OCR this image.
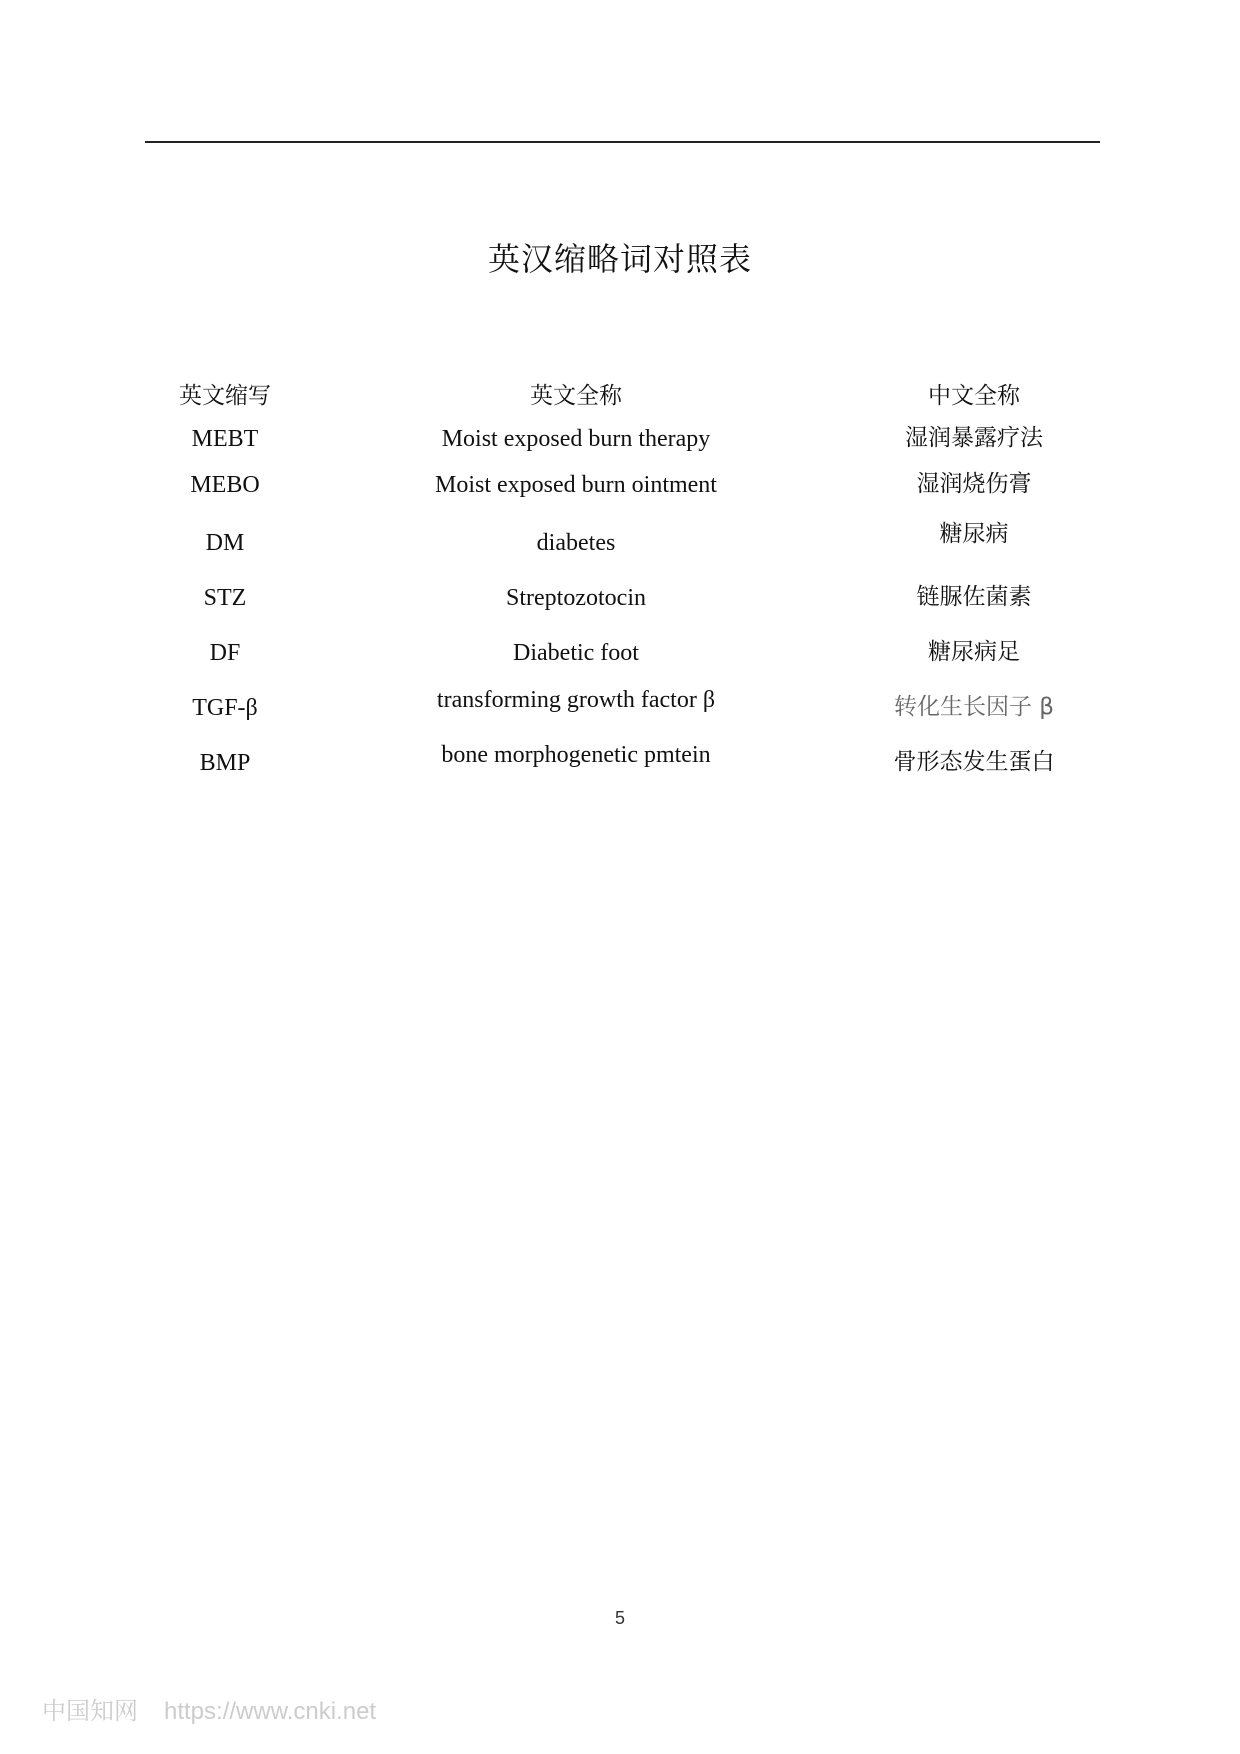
英汉缩略词对照表
英文缩写	英文全称	中文全称
MEBT	Moist exposed burn therapy	湿润暴露疗法
MEBO	Moist exposed burn ointment	湿润烧伤膏
DM	diabetes	糖尿病
STZ	Streptozotocin	链脲佐菌素
DF	Diabetic foot	糖尿病足
TGF-β	transforming growth factor β	转化生长因子 β
BMP	bone morphogenetic pmtein	骨形态发生蛋白
5
中国知网 https://www.cnki.net
